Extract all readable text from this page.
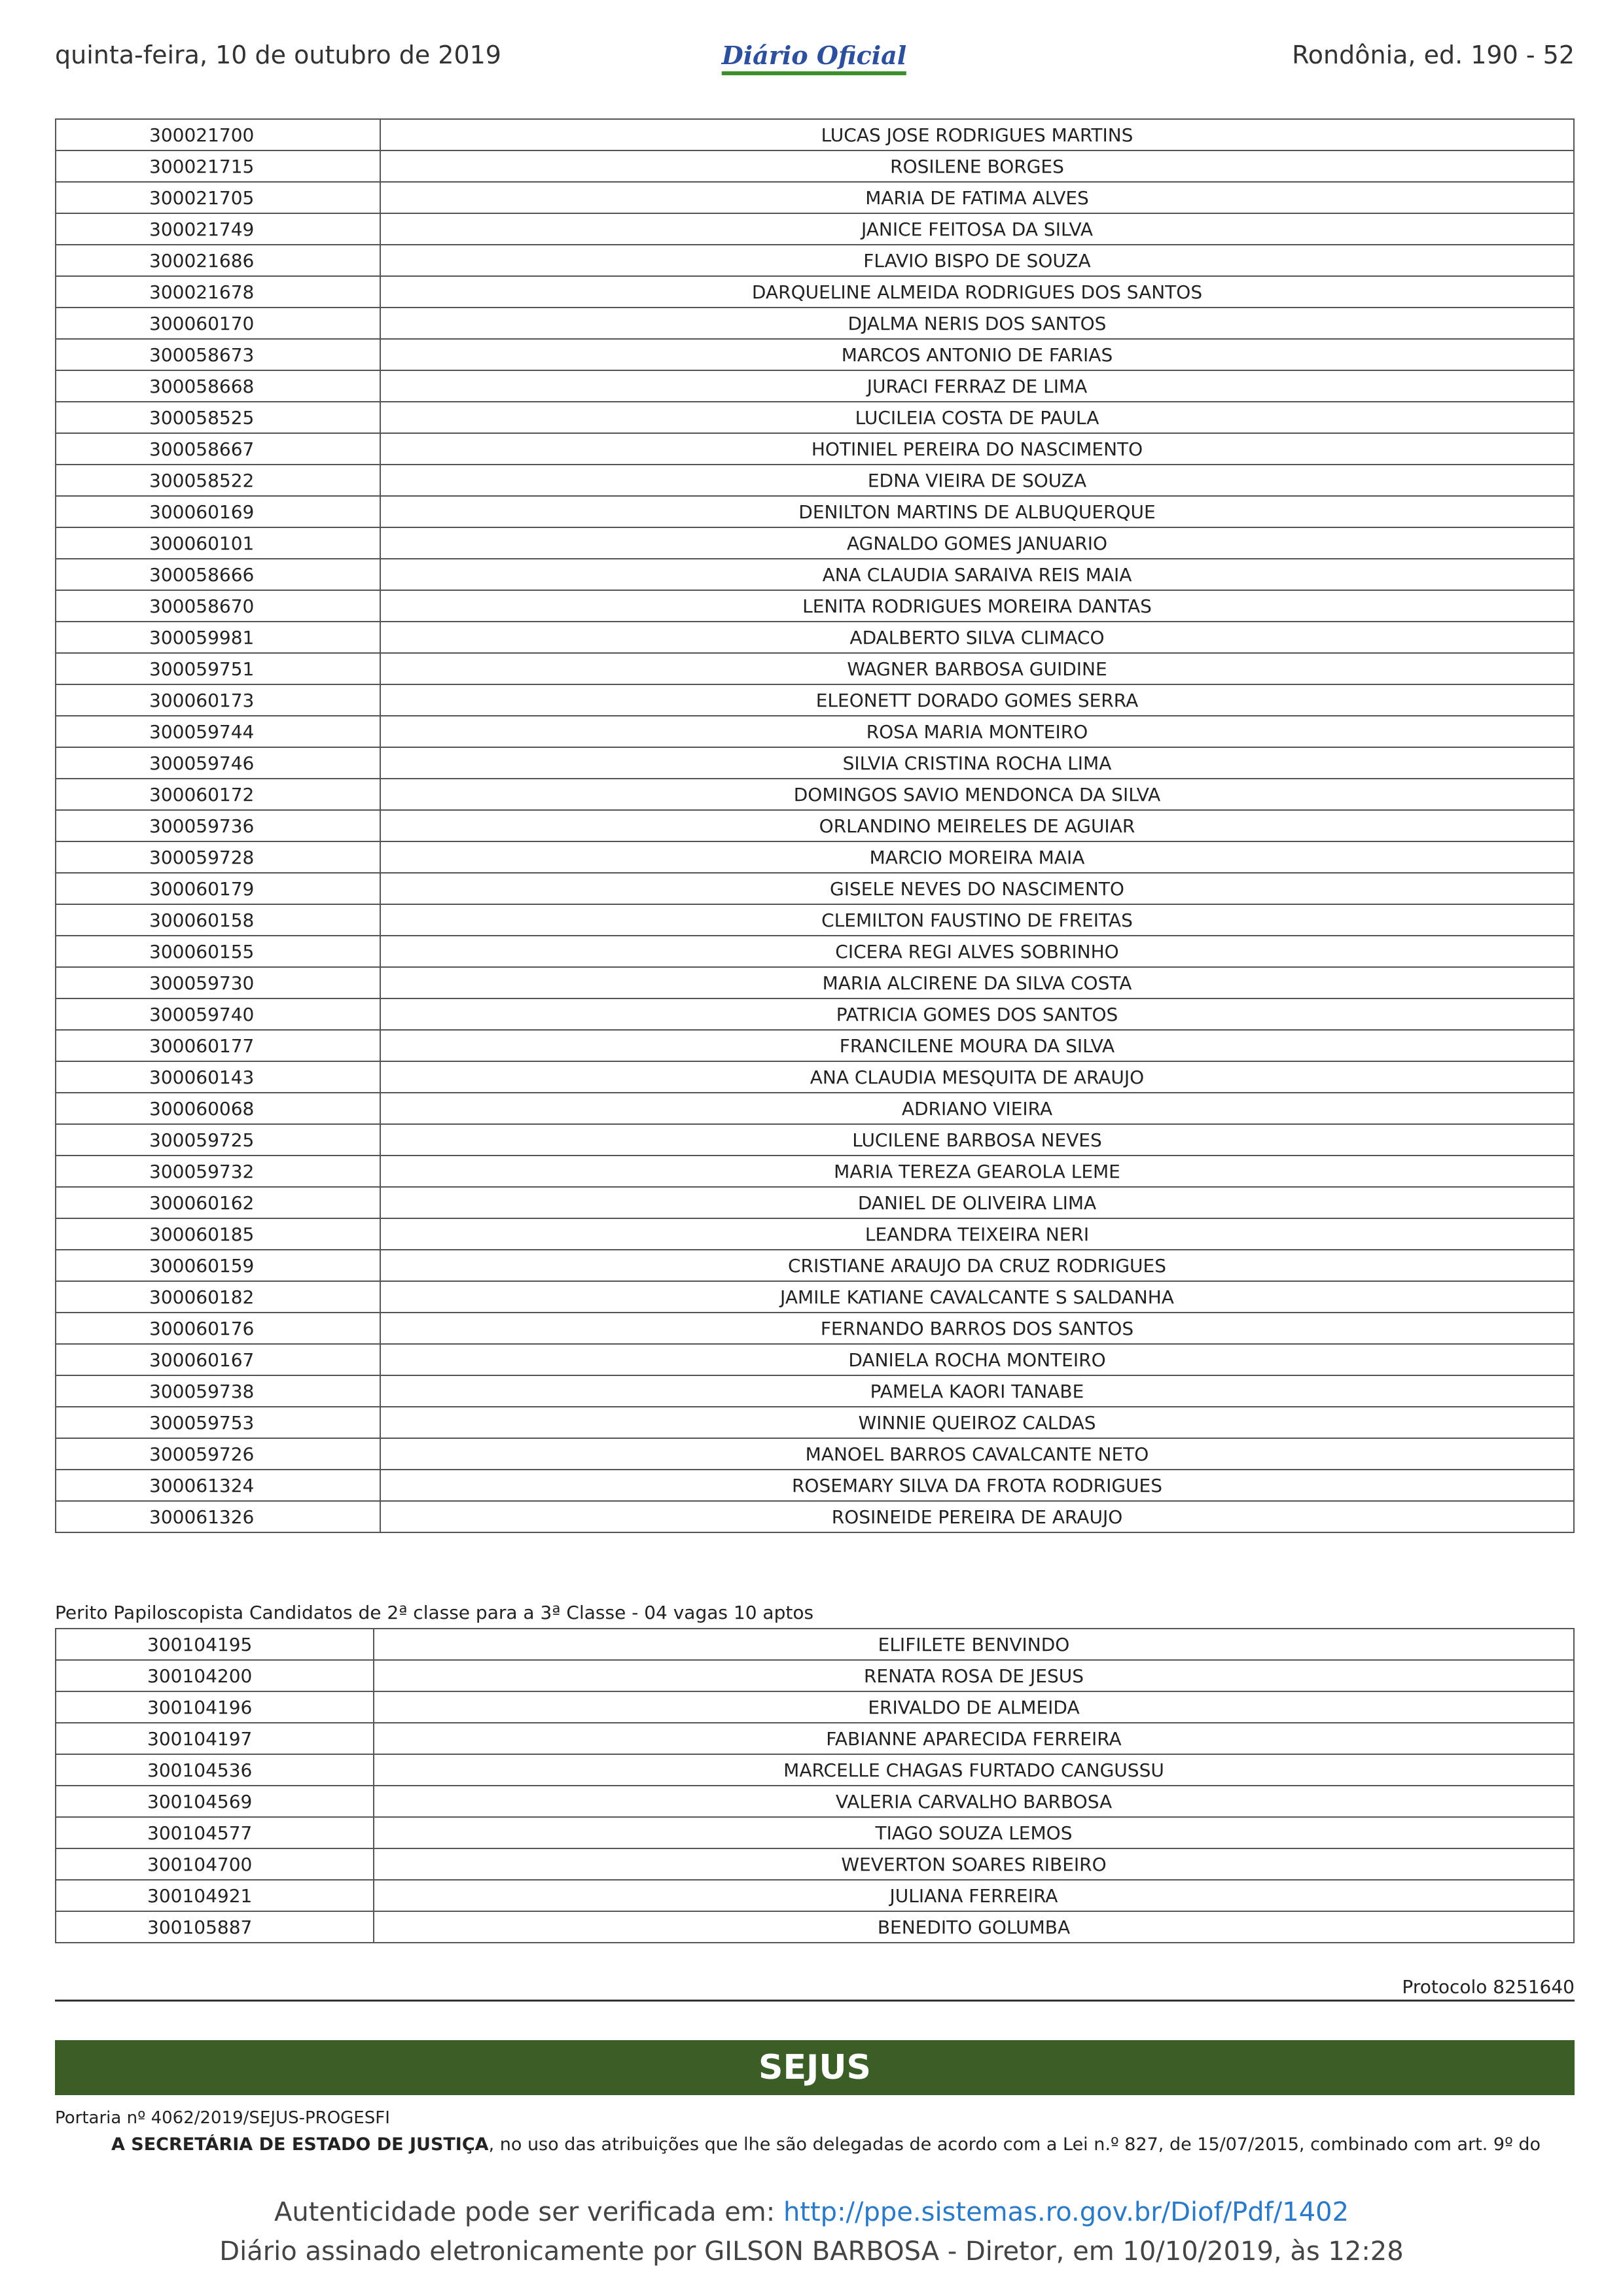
quinta-feira, 10 de outubro de 2019	Diário Oficial	Rondônia, ed. 190 - 52
300021700	LUCAS JOSE RODRIGUES MARTINS
300021715	ROSILENE BORGES
300021705	MARIA DE FATIMA ALVES
300021749	JANICE FEITOSA DA SILVA
300021686	FLAVIO BISPO DE SOUZA
300021678	DARQUELINE ALMEIDA RODRIGUES DOS SANTOS
300060170	DJALMA NERIS DOS SANTOS
300058673	MARCOS ANTONIO DE FARIAS
300058668	JURACI FERRAZ DE LIMA
300058525	LUCILEIA COSTA DE PAULA
300058667	HOTINIEL PEREIRA DO NASCIMENTO
300058522	EDNA VIEIRA DE SOUZA
300060169	DENILTON MARTINS DE ALBUQUERQUE
300060101	AGNALDO GOMES JANUARIO
300058666	ANA CLAUDIA SARAIVA REIS MAIA
300058670	LENITA RODRIGUES MOREIRA DANTAS
300059981	ADALBERTO SILVA CLIMACO
300059751	WAGNER BARBOSA GUIDINE
300060173	ELEONETT DORADO GOMES SERRA
300059744	ROSA MARIA MONTEIRO
300059746	SILVIA CRISTINA ROCHA LIMA
300060172	DOMINGOS SAVIO MENDONCA DA SILVA
300059736	ORLANDINO MEIRELES DE AGUIAR
300059728	MARCIO MOREIRA MAIA
300060179	GISELE NEVES DO NASCIMENTO
300060158	CLEMILTON FAUSTINO DE FREITAS
300060155	CICERA REGI ALVES SOBRINHO
300059730	MARIA ALCIRENE DA SILVA COSTA
300059740	PATRICIA GOMES DOS SANTOS
300060177	FRANCILENE MOURA DA SILVA
300060143	ANA CLAUDIA MESQUITA DE ARAUJO
300060068	ADRIANO VIEIRA
300059725	LUCILENE BARBOSA NEVES
300059732	MARIA TEREZA GEAROLA LEME
300060162	DANIEL DE OLIVEIRA LIMA
300060185	LEANDRA TEIXEIRA NERI
300060159	CRISTIANE ARAUJO DA CRUZ RODRIGUES
300060182	JAMILE KATIANE CAVALCANTE S SALDANHA
300060176	FERNANDO BARROS DOS SANTOS
300060167	DANIELA ROCHA MONTEIRO
300059738	PAMELA KAORI TANABE
300059753	WINNIE QUEIROZ CALDAS
300059726	MANOEL BARROS CAVALCANTE NETO
300061324	ROSEMARY SILVA DA FROTA RODRIGUES
300061326	ROSINEIDE PEREIRA DE ARAUJO
Perito Papiloscopista Candidatos de 2ª classe para a 3ª Classe - 04 vagas 10 aptos
300104195	ELIFILETE BENVINDO
300104200	RENATA ROSA DE JESUS
300104196	ERIVALDO DE ALMEIDA
300104197	FABIANNE APARECIDA FERREIRA
300104536	MARCELLE CHAGAS FURTADO CANGUSSU
300104569	VALERIA CARVALHO BARBOSA
300104577	TIAGO SOUZA LEMOS
300104700	WEVERTON SOARES RIBEIRO
300104921	JULIANA FERREIRA
300105887	BENEDITO GOLUMBA
Protocolo 8251640
SEJUS
Portaria nº 4062/2019/SEJUS-PROGESFI
A SECRETÁRIA DE ESTADO DE JUSTIÇA, no uso das atribuições que lhe são delegadas de acordo com a Lei n.º 827, de 15/07/2015, combinado com art. 9º do
Autenticidade pode ser verificada em: http://ppe.sistemas.ro.gov.br/Diof/Pdf/1402
Diário assinado eletronicamente por GILSON BARBOSA - Diretor, em 10/10/2019, às 12:28
